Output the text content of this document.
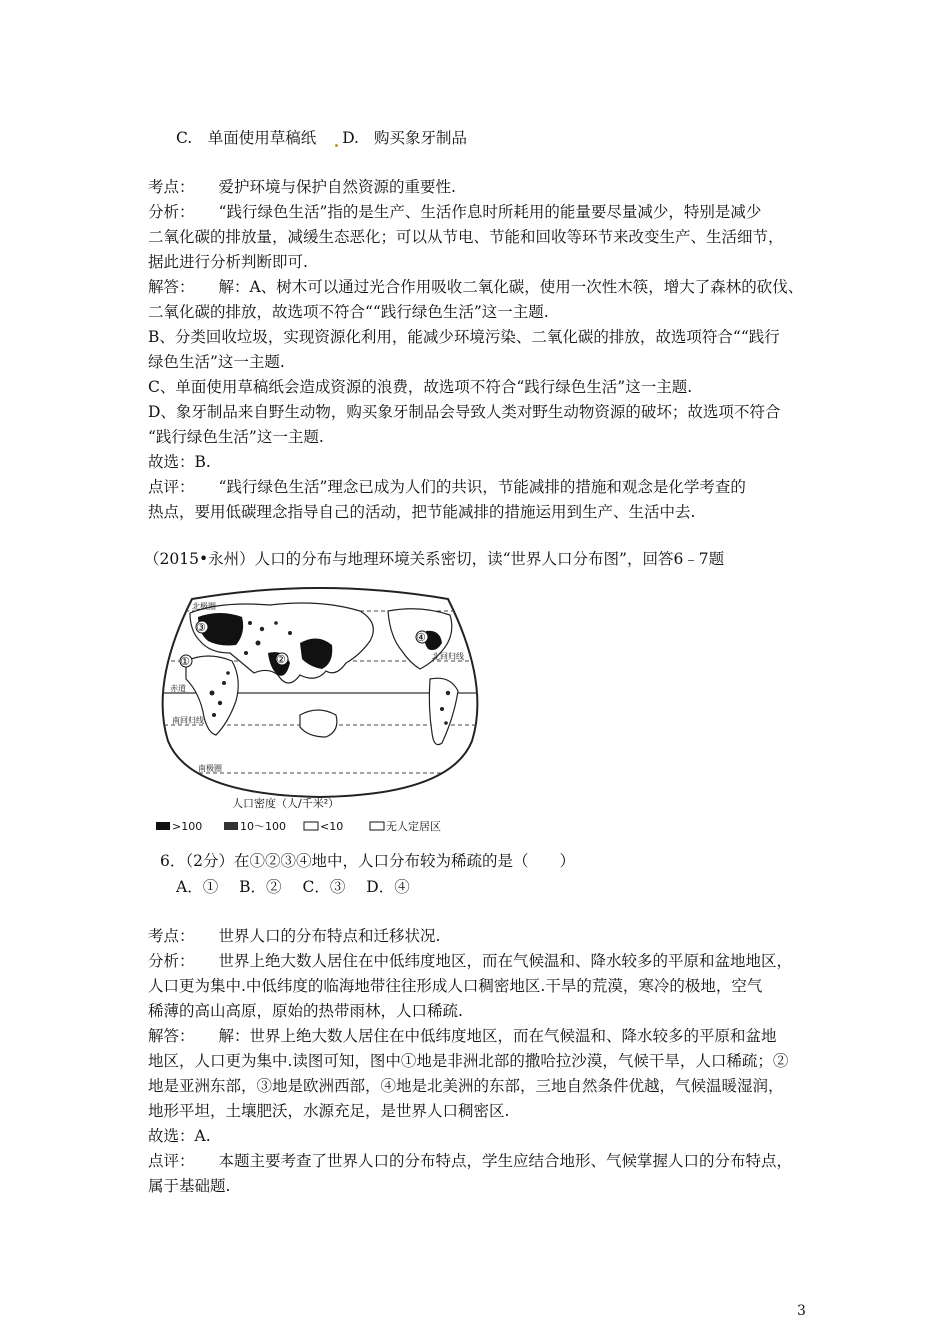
C.　单面使用草稿纸 D. 购买象牙制品
考点： 爱护环境与保护自然资源的重要性.
分析： “践行绿色生活”指的是生产、生活作息时所耗用的能量要尽量减少，特别是减少
二氧化碳的排放量，减缓生态恶化；可以从节电、节能和回收等环节来改变生产、生活细节，
据此进行分析判断即可.
解答： 解：A、树木可以通过光合作用吸收二氧化碳，使用一次性木筷，增大了森林的砍伐、
二氧化碳的排放，故选项不符合““践行绿色生活”这一主题.
B、分类回收垃圾，实现资源化利用，能减少环境污染、二氧化碳的排放，故选项符合““践行
绿色生活”这一主题.
C、单面使用草稿纸会造成资源的浪费，故选项不符合“践行绿色生活”这一主题.
D、象牙制品来自野生动物，购买象牙制品会导致人类对野生动物资源的破坏；故选项不符合
“践行绿色生活”这一主题.
故选：B.
点评： “践行绿色生活”理念已成为人们的共识，节能减排的措施和观念是化学考查的
热点，要用低碳理念指导自己的活动，把节能减排的措施运用到生产、生活中去.
（2015•永州）人口的分布与地理环境关系密切，读“世界人口分布图”，回答6﹣7题
北极圈
北回归线
赤道
南回归线
南极圈
③
①	②
④
人口密度（人/千米²）
>100	10～100	<10	无人定居区
6．（2分）在①②③④地中，人口分布较为稀疏的是（　　）
A．① B．② C．③ D．④
考点： 世界人口的分布特点和迁移状况.
分析： 世界上绝大数人居住在中低纬度地区，而在气候温和、降水较多的平原和盆地地区，
人口更为集中.中低纬度的临海地带往往形成人口稠密地区.干旱的荒漠，寒冷的极地，空气
稀薄的高山高原，原始的热带雨林，人口稀疏.
解答： 解：世界上绝大数人居住在中低纬度地区，而在气候温和、降水较多的平原和盆地
地区，人口更为集中.读图可知，图中①地是非洲北部的撒哈拉沙漠，气候干旱，人口稀疏；②
地是亚洲东部，③地是欧洲西部，④地是北美洲的东部，三地自然条件优越，气候温暖湿润，
地形平坦，土壤肥沃，水源充足，是世界人口稠密区.
故选：A.
点评： 本题主要考查了世界人口的分布特点，学生应结合地形、气候掌握人口的分布特点，
属于基础题.
3
